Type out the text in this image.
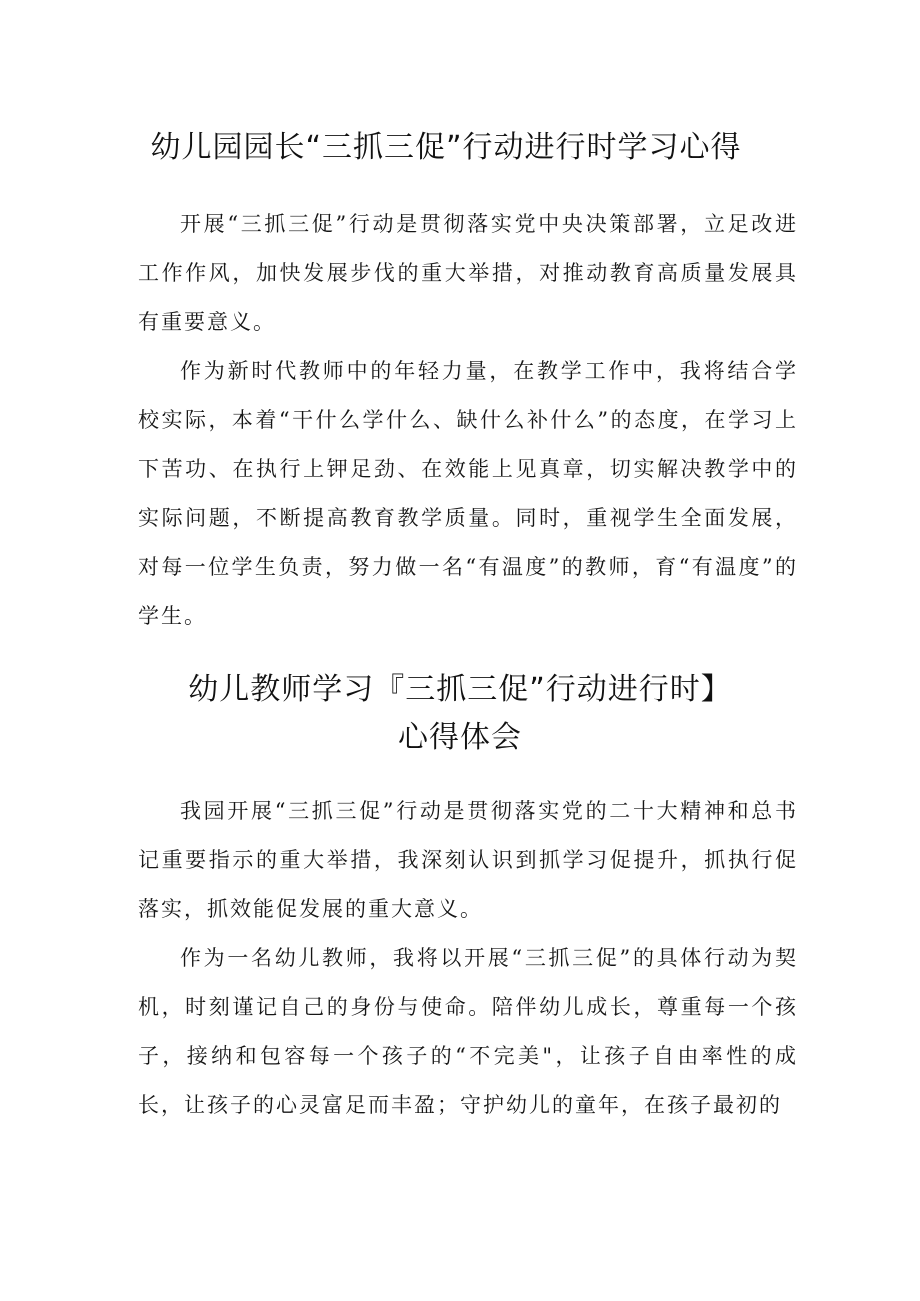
幼儿园园长“三抓三促”行动进行时学习心得

开展“三抓三促”行动是贯彻落实党中央决策部署，立足改进工作作风，加快发展步伐的重大举措，对推动教育高质量发展具有重要意义。

作为新时代教师中的年轻力量，在教学工作中，我将结合学校实际，本着“干什么学什么、缺什么补什么”的态度，在学习上下苦功、在执行上钾足劲、在效能上见真章，切实解决教学中的实际问题，不断提高教育教学质量。同时，重视学生全面发展，对每一位学生负责，努力做一名“有温度”的教师，育“有温度”的学生。

幼儿教师学习『三抓三促”行动进行时】
心得体会

我园开展“三抓三促”行动是贯彻落实党的二十大精神和总书记重要指示的重大举措，我深刻认识到抓学习促提升，抓执行促落实，抓效能促发展的重大意义。

作为一名幼儿教师，我将以开展“三抓三促”的具体行动为契机，时刻谨记自己的身份与使命。陪伴幼儿成长，尊重每一个孩子，接纳和包容每一个孩子的“不完美"，让孩子自由率性的成长，让孩子的心灵富足而丰盈；守护幼儿的童年，在孩子最初的
